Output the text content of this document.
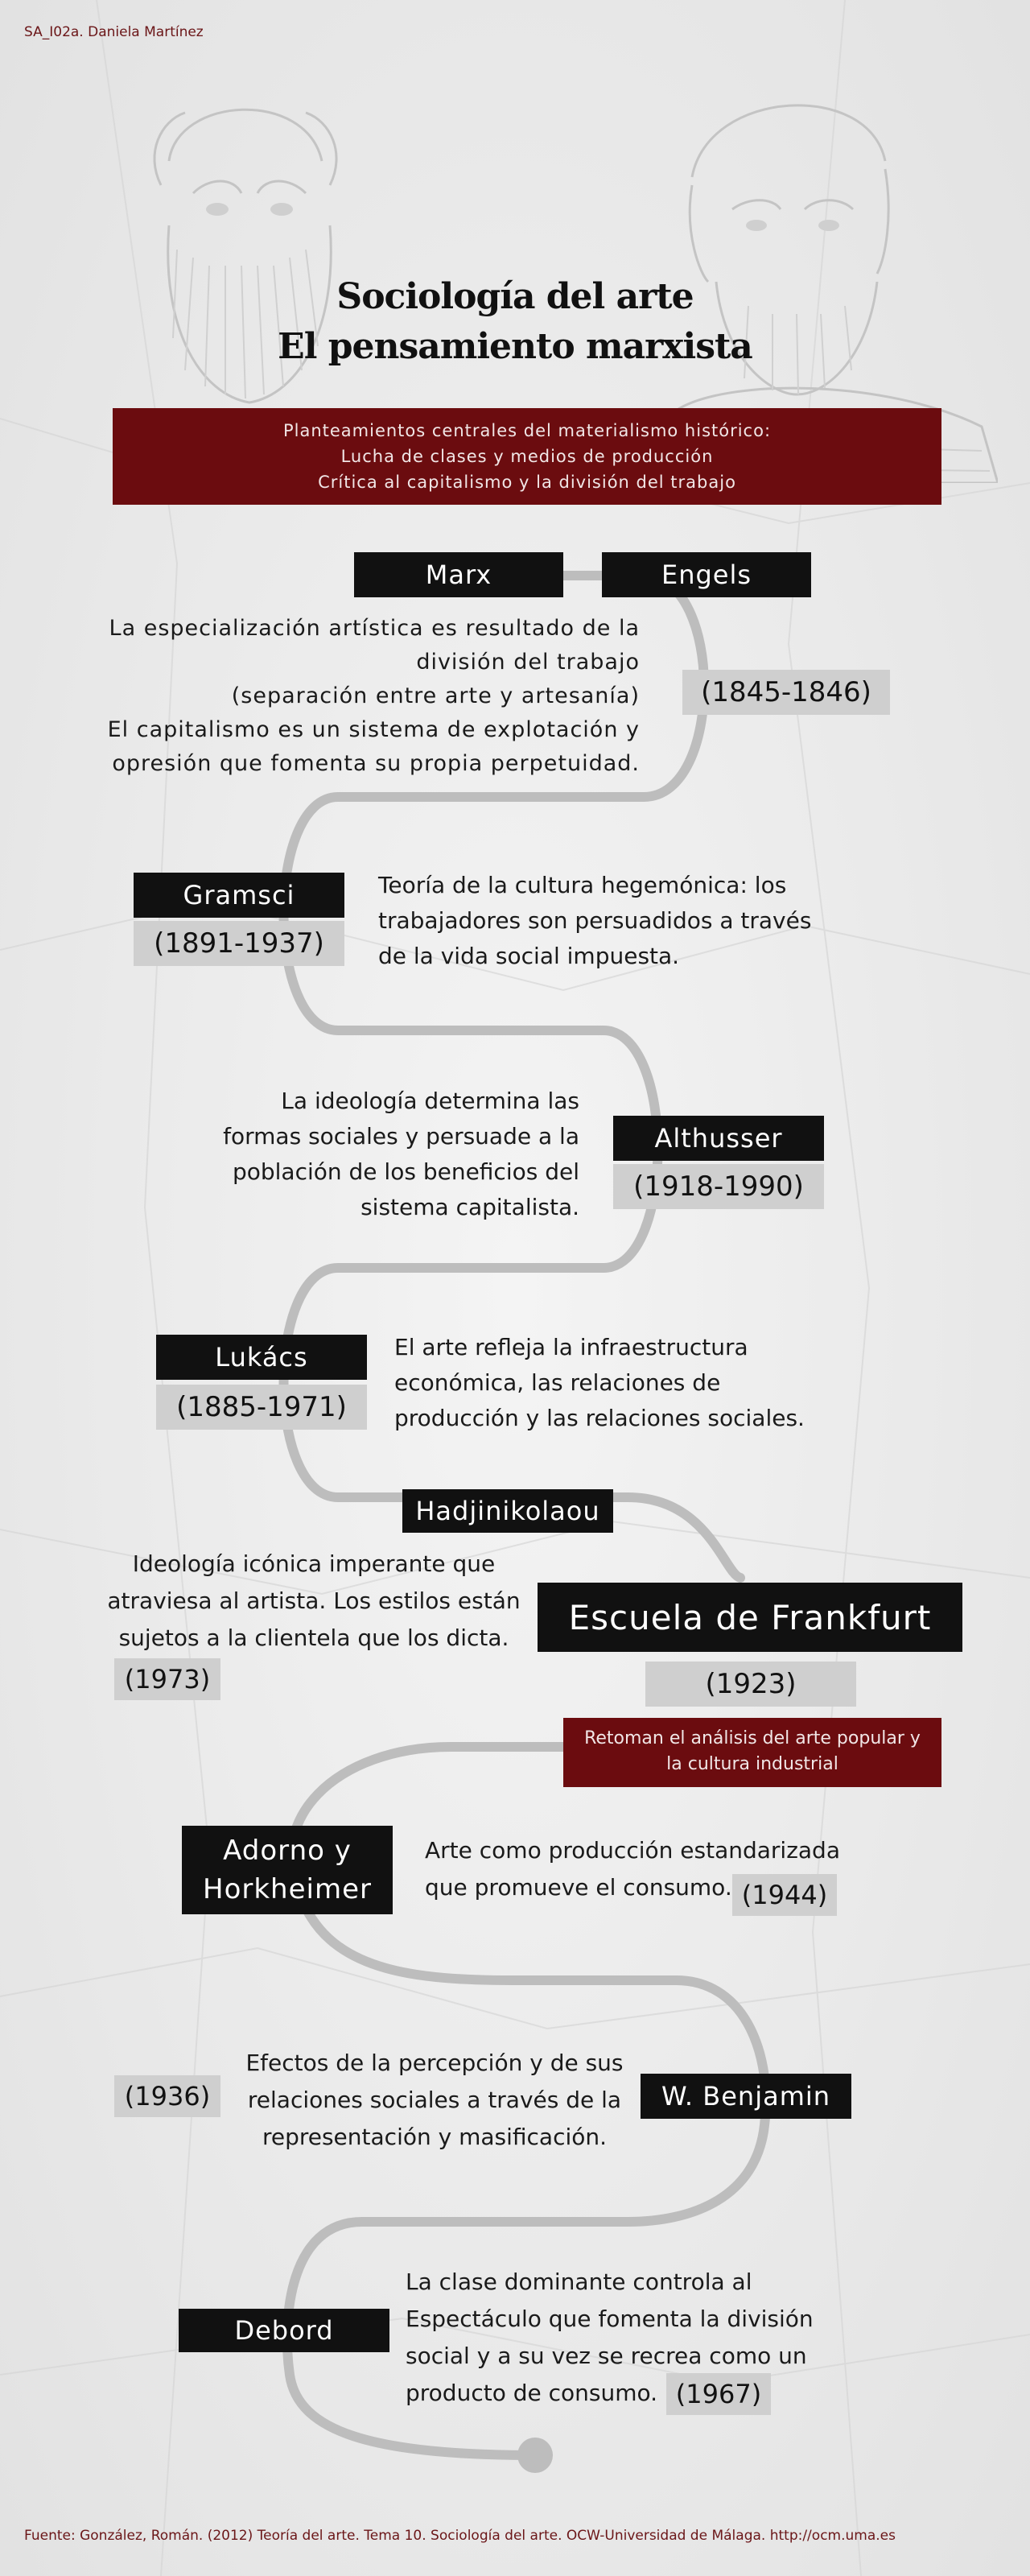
SA_I02a. Daniela Martínez
Sociología del arte
El pensamiento marxista
Planteamientos centrales del materialismo histórico:
Lucha de clases y medios de producción
Crítica al capitalismo y la división del trabajo
Marx	Engels
La especialización artística es resultado de la
división del trabajo
(separación entre arte y artesanía)
El capitalismo es un sistema de explotación y
opresión que fomenta su propia perpetuidad.
(1845-1846)
Gramsci
(1891-1937)
Teoría de la cultura hegemónica: los
trabajadores son persuadidos a través
de la vida social impuesta.
La ideología determina las
formas sociales y persuade a la
población de los beneficios del
sistema capitalista.
Althusser
(1918-1990)
Lukács
(1885-1971)
El arte refleja la infraestructura
económica, las relaciones de
producción y las relaciones sociales.
Hadjinikolaou
Ideología icónica imperante que
atraviesa al artista. Los estilos están
sujetos a la clientela que los dicta.
(1973)
Escuela de Frankfurt
(1923)
Retoman el análisis del arte popular y
la cultura industrial
Adorno y
Horkheimer
Arte como producción estandarizada
que promueve el consumo. (1944)
(1936)
Efectos de la percepción y de sus
relaciones sociales a través de la
representación y masificación.
W. Benjamin
Debord
La clase dominante controla al
Espectáculo que fomenta la división
social y a su vez se recrea como un
producto de consumo. (1967)
Fuente: González, Román. (2012) Teoría del arte. Tema 10. Sociología del arte. OCW-Universidad de Málaga. http://ocm.uma.es
